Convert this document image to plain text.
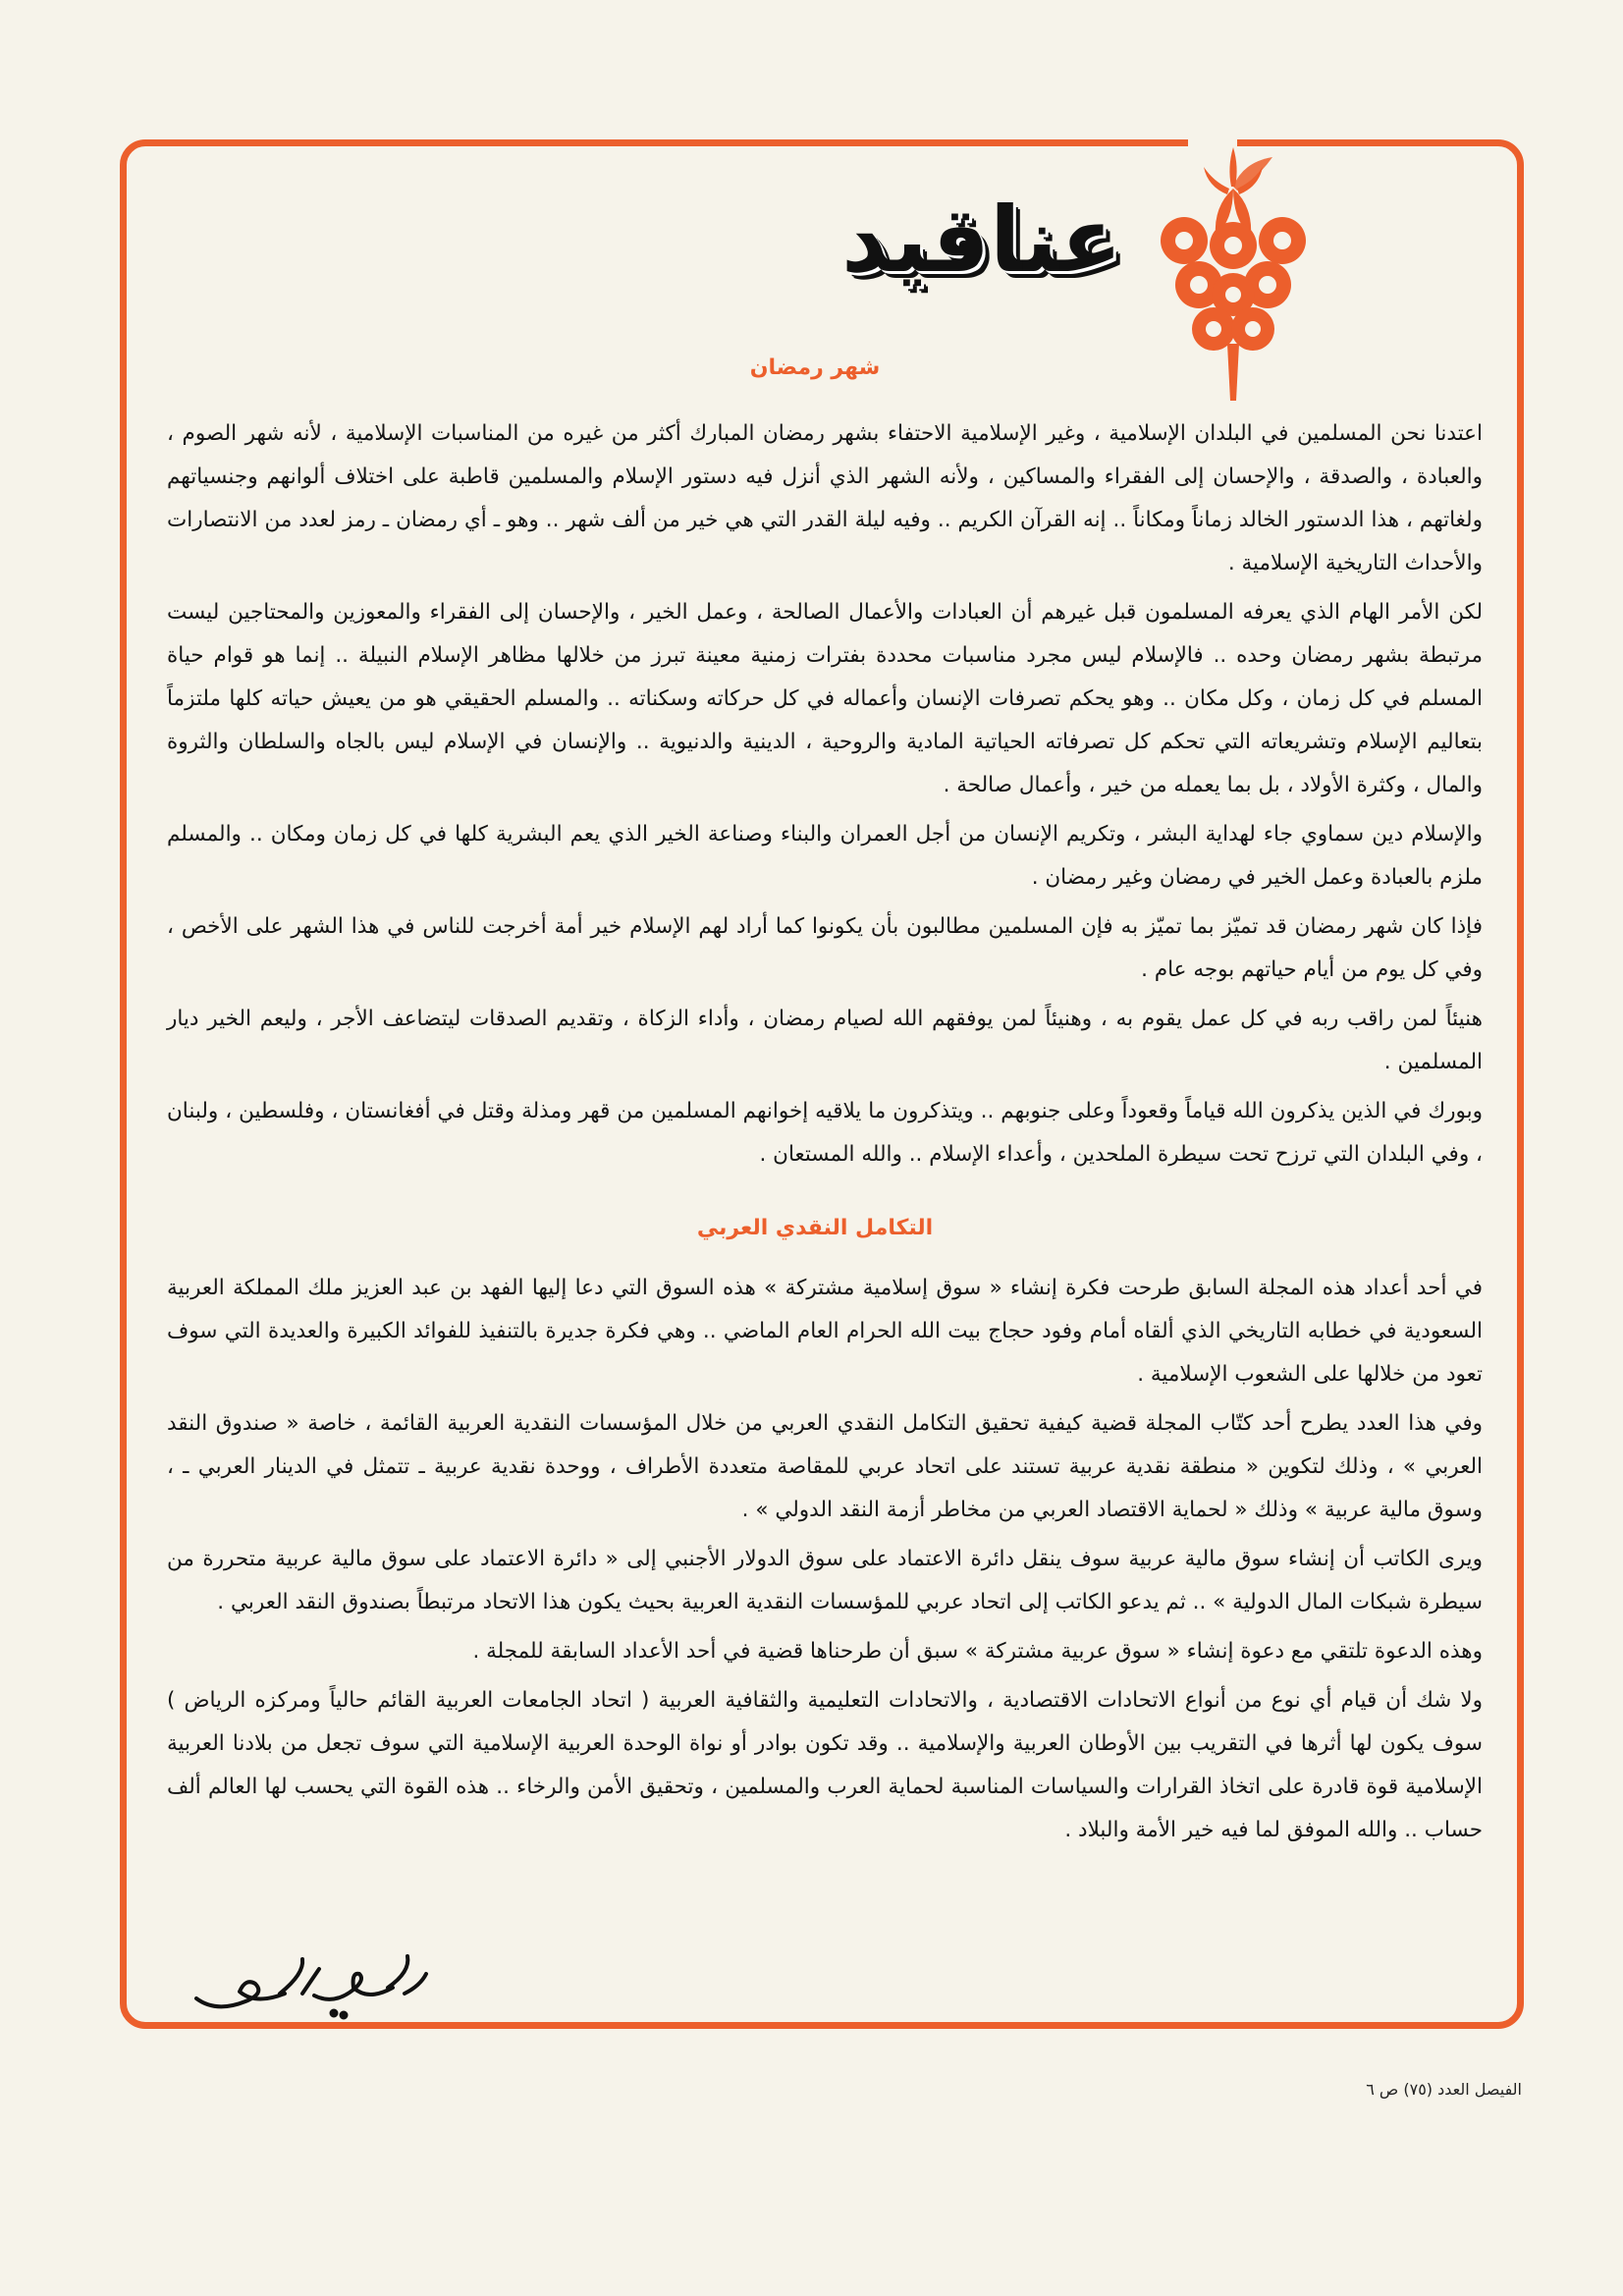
عناقيد
شهر رمضان

اعتدنا نحن المسلمين في البلدان الإسلامية ، وغير الإسلامية الاحتفاء بشهر رمضان المبارك أكثر من غيره من المناسبات الإسلامية ، لأنه شهر الصوم ، والعبادة ، والصدقة ، والإحسان إلى الفقراء والمساكين ، ولأنه الشهر الذي أنزل فيه دستور الإسلام والمسلمين قاطبة على اختلاف ألوانهم وجنسياتهم ولغاتهم ، هذا الدستور الخالد زماناً ومكاناً .. إنه القرآن الكريم .. وفيه ليلة القدر التي هي خير من ألف شهر .. وهو ـ أي رمضان ـ رمز لعدد من الانتصارات والأحداث التاريخية الإسلامية .

لكن الأمر الهام الذي يعرفه المسلمون قبل غيرهم أن العبادات والأعمال الصالحة ، وعمل الخير ، والإحسان إلى الفقراء والمعوزين والمحتاجين ليست مرتبطة بشهر رمضان وحده .. فالإسلام ليس مجرد مناسبات محددة بفترات زمنية معينة تبرز من خلالها مظاهر الإسلام النبيلة .. إنما هو قوام حياة المسلم في كل زمان ، وكل مكان .. وهو يحكم تصرفات الإنسان وأعماله في كل حركاته وسكناته .. والمسلم الحقيقي هو من يعيش حياته كلها ملتزماً بتعاليم الإسلام وتشريعاته التي تحكم كل تصرفاته الحياتية المادية والروحية ، الدينية والدنيوية .. والإنسان في الإسلام ليس بالجاه والسلطان والثروة والمال ، وكثرة الأولاد ، بل بما يعمله من خير ، وأعمال صالحة .

والإسلام دين سماوي جاء لهداية البشر ، وتكريم الإنسان من أجل العمران والبناء وصناعة الخير الذي يعم البشرية كلها في كل زمان ومكان .. والمسلم ملزم بالعبادة وعمل الخير في رمضان وغير رمضان .

فإذا كان شهر رمضان قد تميّز بما تميّز به فإن المسلمين مطالبون بأن يكونوا كما أراد لهم الإسلام خير أمة أخرجت للناس في هذا الشهر على الأخص ، وفي كل يوم من أيام حياتهم بوجه عام .

هنيئاً لمن راقب ربه في كل عمل يقوم به ، وهنيئاً لمن يوفقهم الله لصيام رمضان ، وأداء الزكاة ، وتقديم الصدقات ليتضاعف الأجر ، وليعم الخير ديار المسلمين .

وبورك في الذين يذكرون الله قياماً وقعوداً وعلى جنوبهم .. ويتذكرون ما يلاقيه إخوانهم المسلمين من قهر ومذلة وقتل في أفغانستان ، وفلسطين ، ولبنان ، وفي البلدان التي ترزح تحت سيطرة الملحدين ، وأعداء الإسلام .. والله المستعان .

التكامل النقدي العربي

في أحد أعداد هذه المجلة السابق طرحت فكرة إنشاء « سوق إسلامية مشتركة » هذه السوق التي دعا إليها الفهد بن عبد العزيز ملك المملكة العربية السعودية في خطابه التاريخي الذي ألقاه أمام وفود حجاج بيت الله الحرام العام الماضي .. وهي فكرة جديرة بالتنفيذ للفوائد الكبيرة والعديدة التي سوف تعود من خلالها على الشعوب الإسلامية .

وفي هذا العدد يطرح أحد كتّاب المجلة قضية كيفية تحقيق التكامل النقدي العربي من خلال المؤسسات النقدية العربية القائمة ، خاصة « صندوق النقد العربي » ، وذلك لتكوين « منطقة نقدية عربية تستند على اتحاد عربي للمقاصة متعددة الأطراف ، ووحدة نقدية عربية ـ تتمثل في الدينار العربي ـ ، وسوق مالية عربية » وذلك « لحماية الاقتصاد العربي من مخاطر أزمة النقد الدولي » .

ويرى الكاتب أن إنشاء سوق مالية عربية سوف ينقل دائرة الاعتماد على سوق الدولار الأجنبي إلى « دائرة الاعتماد على سوق مالية عربية متحررة من سيطرة شبكات المال الدولية » .. ثم يدعو الكاتب إلى اتحاد عربي للمؤسسات النقدية العربية بحيث يكون هذا الاتحاد مرتبطاً بصندوق النقد العربي .

وهذه الدعوة تلتقي مع دعوة إنشاء « سوق عربية مشتركة » سبق أن طرحناها قضية في أحد الأعداد السابقة للمجلة .

ولا شك أن قيام أي نوع من أنواع الاتحادات الاقتصادية ، والاتحادات التعليمية والثقافية العربية ( اتحاد الجامعات العربية القائم حالياً ومركزه الرياض ) سوف يكون لها أثرها في التقريب بين الأوطان العربية والإسلامية .. وقد تكون بوادر أو نواة الوحدة العربية الإسلامية التي سوف تجعل من بلادنا العربية الإسلامية قوة قادرة على اتخاذ القرارات والسياسات المناسبة لحماية العرب والمسلمين ، وتحقيق الأمن والرخاء .. هذه القوة التي يحسب لها العالم ألف حساب .. والله الموفق لما فيه خير الأمة والبلاد .

الفيصل العدد (٧٥) ص ٦
